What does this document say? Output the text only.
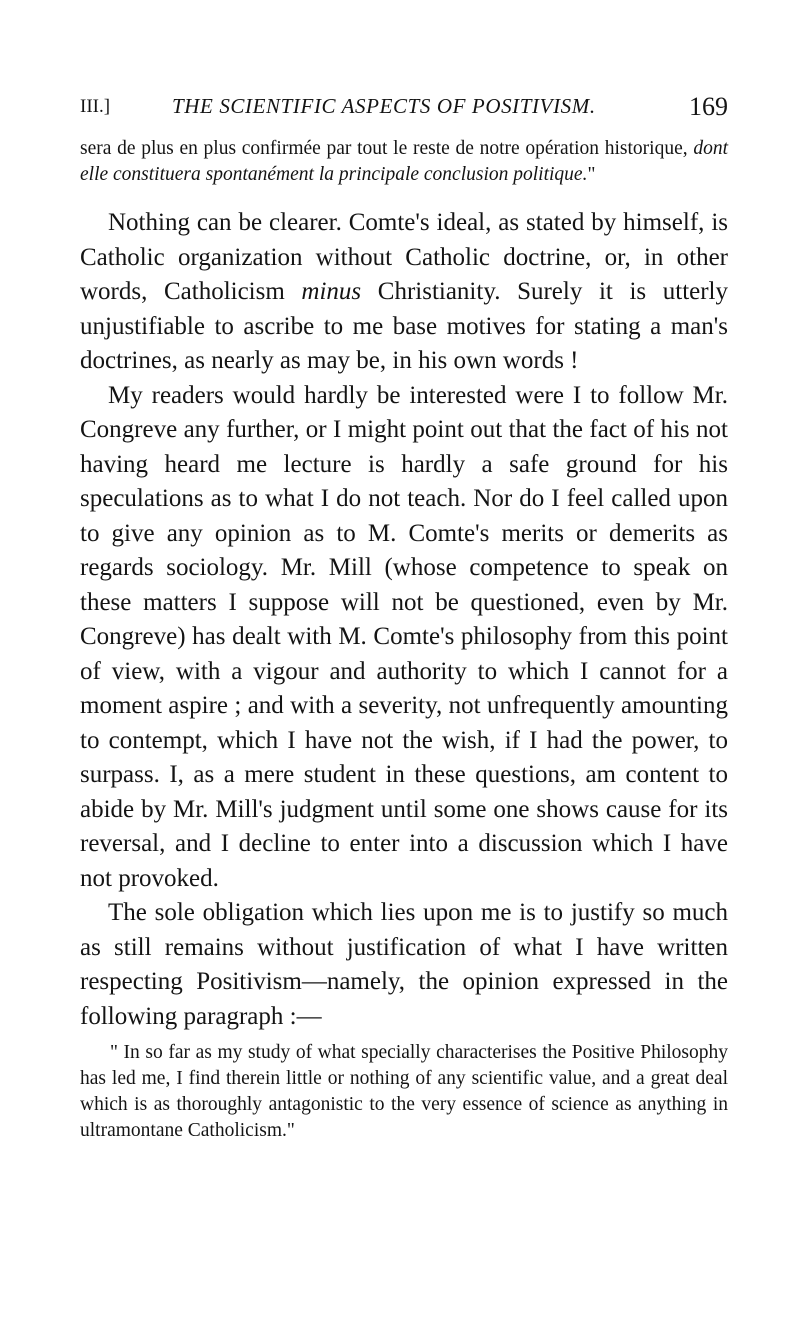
III.]	THE SCIENTIFIC ASPECTS OF POSITIVISM.	169

sera de plus en plus confirmée par tout le reste de notre opération historique, dont elle constituera spontanément la principale conclusion politique."

Nothing can be clearer. Comte's ideal, as stated by himself, is Catholic organization without Catholic doctrine, or, in other words, Catholicism minus Christianity. Surely it is utterly unjustifiable to ascribe to me base motives for stating a man's doctrines, as nearly as may be, in his own words !

My readers would hardly be interested were I to follow Mr. Congreve any further, or I might point out that the fact of his not having heard me lecture is hardly a safe ground for his speculations as to what I do not teach. Nor do I feel called upon to give any opinion as to M. Comte's merits or demerits as regards sociology. Mr. Mill (whose competence to speak on these matters I suppose will not be questioned, even by Mr. Congreve) has dealt with M. Comte's philosophy from this point of view, with a vigour and authority to which I cannot for a moment aspire ; and with a severity, not unfrequently amounting to contempt, which I have not the wish, if I had the power, to surpass. I, as a mere student in these questions, am content to abide by Mr. Mill's judgment until some one shows cause for its reversal, and I decline to enter into a discussion which I have not provoked.

The sole obligation which lies upon me is to justify so much as still remains without justification of what I have written respecting Positivism—namely, the opinion expressed in the following paragraph :—

" In so far as my study of what specially characterises the Positive Philosophy has led me, I find therein little or nothing of any scientific value, and a great deal which is as thoroughly antagonistic to the very essence of science as anything in ultramontane Catholicism."
